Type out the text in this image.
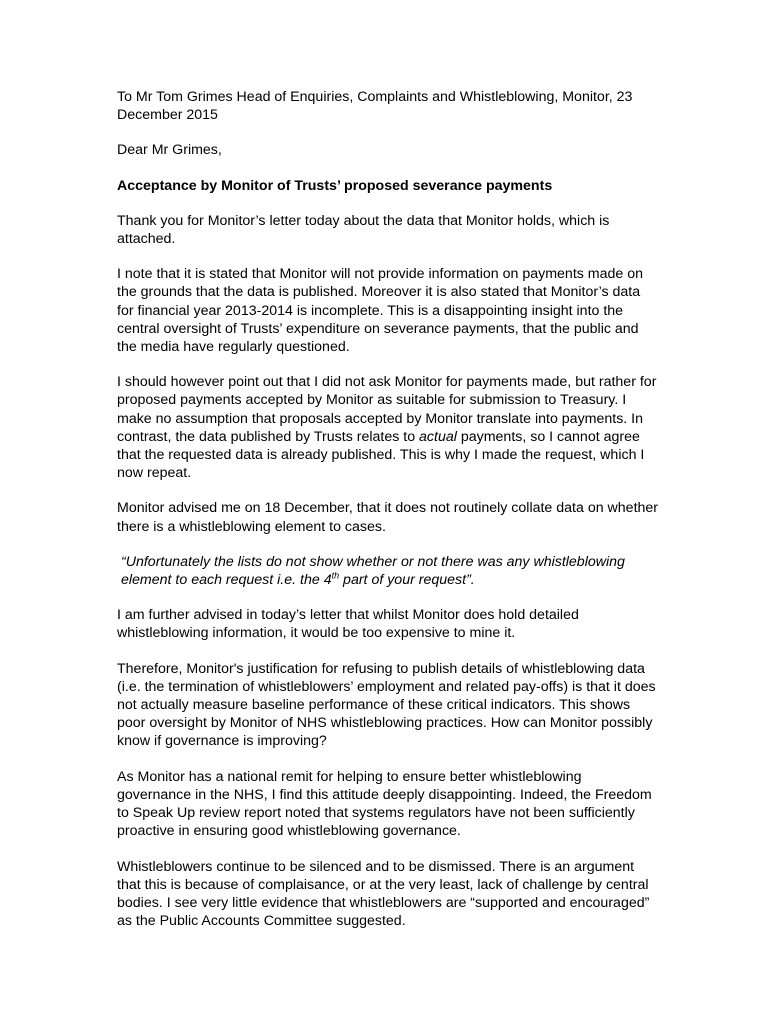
To Mr Tom Grimes Head of Enquiries, Complaints and Whistleblowing, Monitor, 23 December 2015

Dear Mr Grimes,

Acceptance by Monitor of Trusts’ proposed severance payments

Thank you for Monitor’s letter today about the data that Monitor holds, which is attached.

I note that it is stated that Monitor will not provide information on payments made on the grounds that the data is published. Moreover it is also stated that Monitor’s data for financial year 2013-2014 is incomplete. This is a disappointing insight into the central oversight of Trusts’ expenditure on severance payments, that the public and the media have regularly questioned.

I should however point out that I did not ask Monitor for payments made, but rather for proposed payments accepted by Monitor as suitable for submission to Treasury. I make no assumption that proposals accepted by Monitor translate into payments. In contrast, the data published by Trusts relates to actual payments, so I cannot agree that the requested data is already published. This is why I made the request, which I now repeat.

Monitor advised me on 18 December, that it does not routinely collate data on whether there is a whistleblowing element to cases.

“Unfortunately the lists do not show whether or not there was any whistleblowing element to each request i.e. the 4th part of your request”.

I am further advised in today’s letter that whilst Monitor does hold detailed whistleblowing information, it would be too expensive to mine it.

Therefore, Monitor's justification for refusing to publish details of whistleblowing data (i.e. the termination of whistleblowers’ employment and related pay-offs) is that it does not actually measure baseline performance of these critical indicators. This shows poor oversight by Monitor of NHS whistleblowing practices. How can Monitor possibly know if governance is improving?

As Monitor has a national remit for helping to ensure better whistleblowing governance in the NHS, I find this attitude deeply disappointing. Indeed, the Freedom to Speak Up review report noted that systems regulators have not been sufficiently proactive in ensuring good whistleblowing governance.

Whistleblowers continue to be silenced and to be dismissed. There is an argument that this is because of complaisance, or at the very least, lack of challenge by central bodies. I see very little evidence that whistleblowers are “supported and encouraged” as the Public Accounts Committee suggested.
